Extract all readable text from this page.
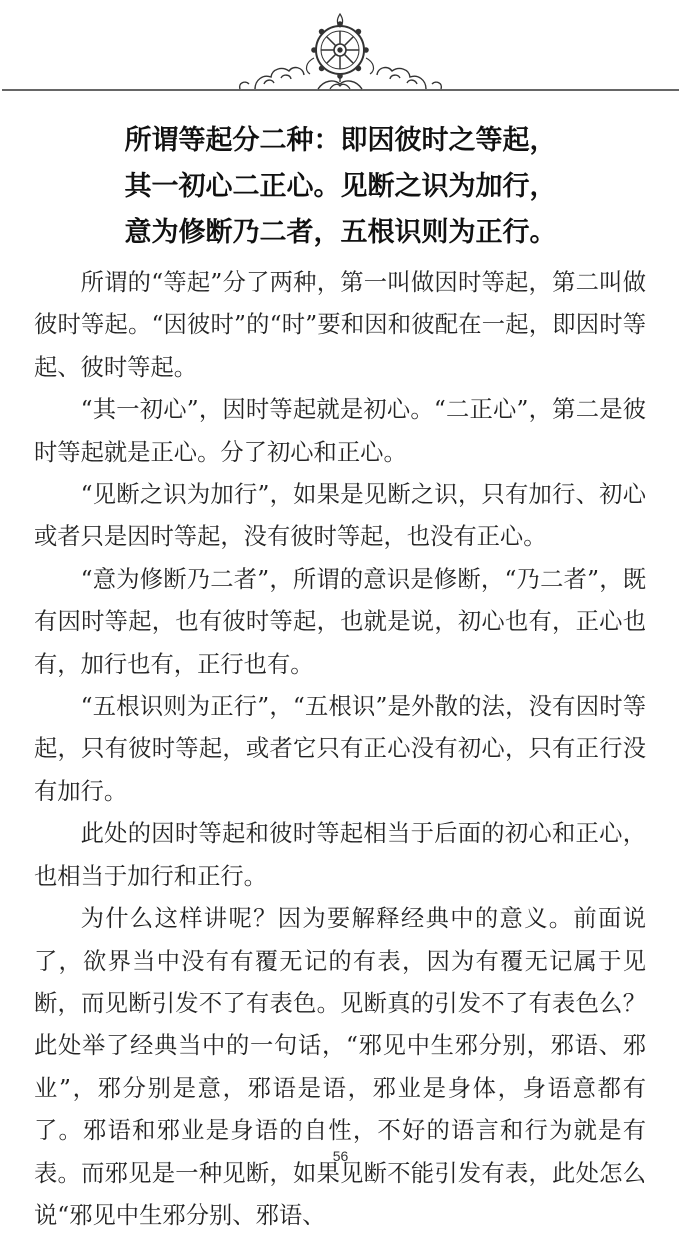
所谓等起分二种：即因彼时之等起，
其一初心二正心。见断之识为加行，
意为修断乃二者，五根识则为正行。

所谓的“等起”分了两种，第一叫做因时等起，第二叫做彼时等起。“因彼时”的“时”要和因和彼配在一起，即因时等起、彼时等起。

“其一初心”，因时等起就是初心。“二正心”，第二是彼时等起就是正心。分了初心和正心。

“见断之识为加行”，如果是见断之识，只有加行、初心或者只是因时等起，没有彼时等起，也没有正心。

“意为修断乃二者”，所谓的意识是修断，“乃二者”，既有因时等起，也有彼时等起，也就是说，初心也有，正心也有，加行也有，正行也有。

“五根识则为正行”，“五根识”是外散的法，没有因时等起，只有彼时等起，或者它只有正心没有初心，只有正行没有加行。

此处的因时等起和彼时等起相当于后面的初心和正心，也相当于加行和正行。

为什么这样讲呢？因为要解释经典中的意义。前面说了，欲界当中没有有覆无记的有表，因为有覆无记属于见断，而见断引发不了有表色。见断真的引发不了有表色么？此处举了经典当中的一句话，“邪见中生邪分别，邪语、邪业”，邪分别是意，邪语是语，邪业是身体，身语意都有了。邪语和邪业是身语的自性，不好的语言和行为就是有表。而邪见是一种见断，如果见断不能引发有表，此处怎么说“邪见中生邪分别、邪语、

56
